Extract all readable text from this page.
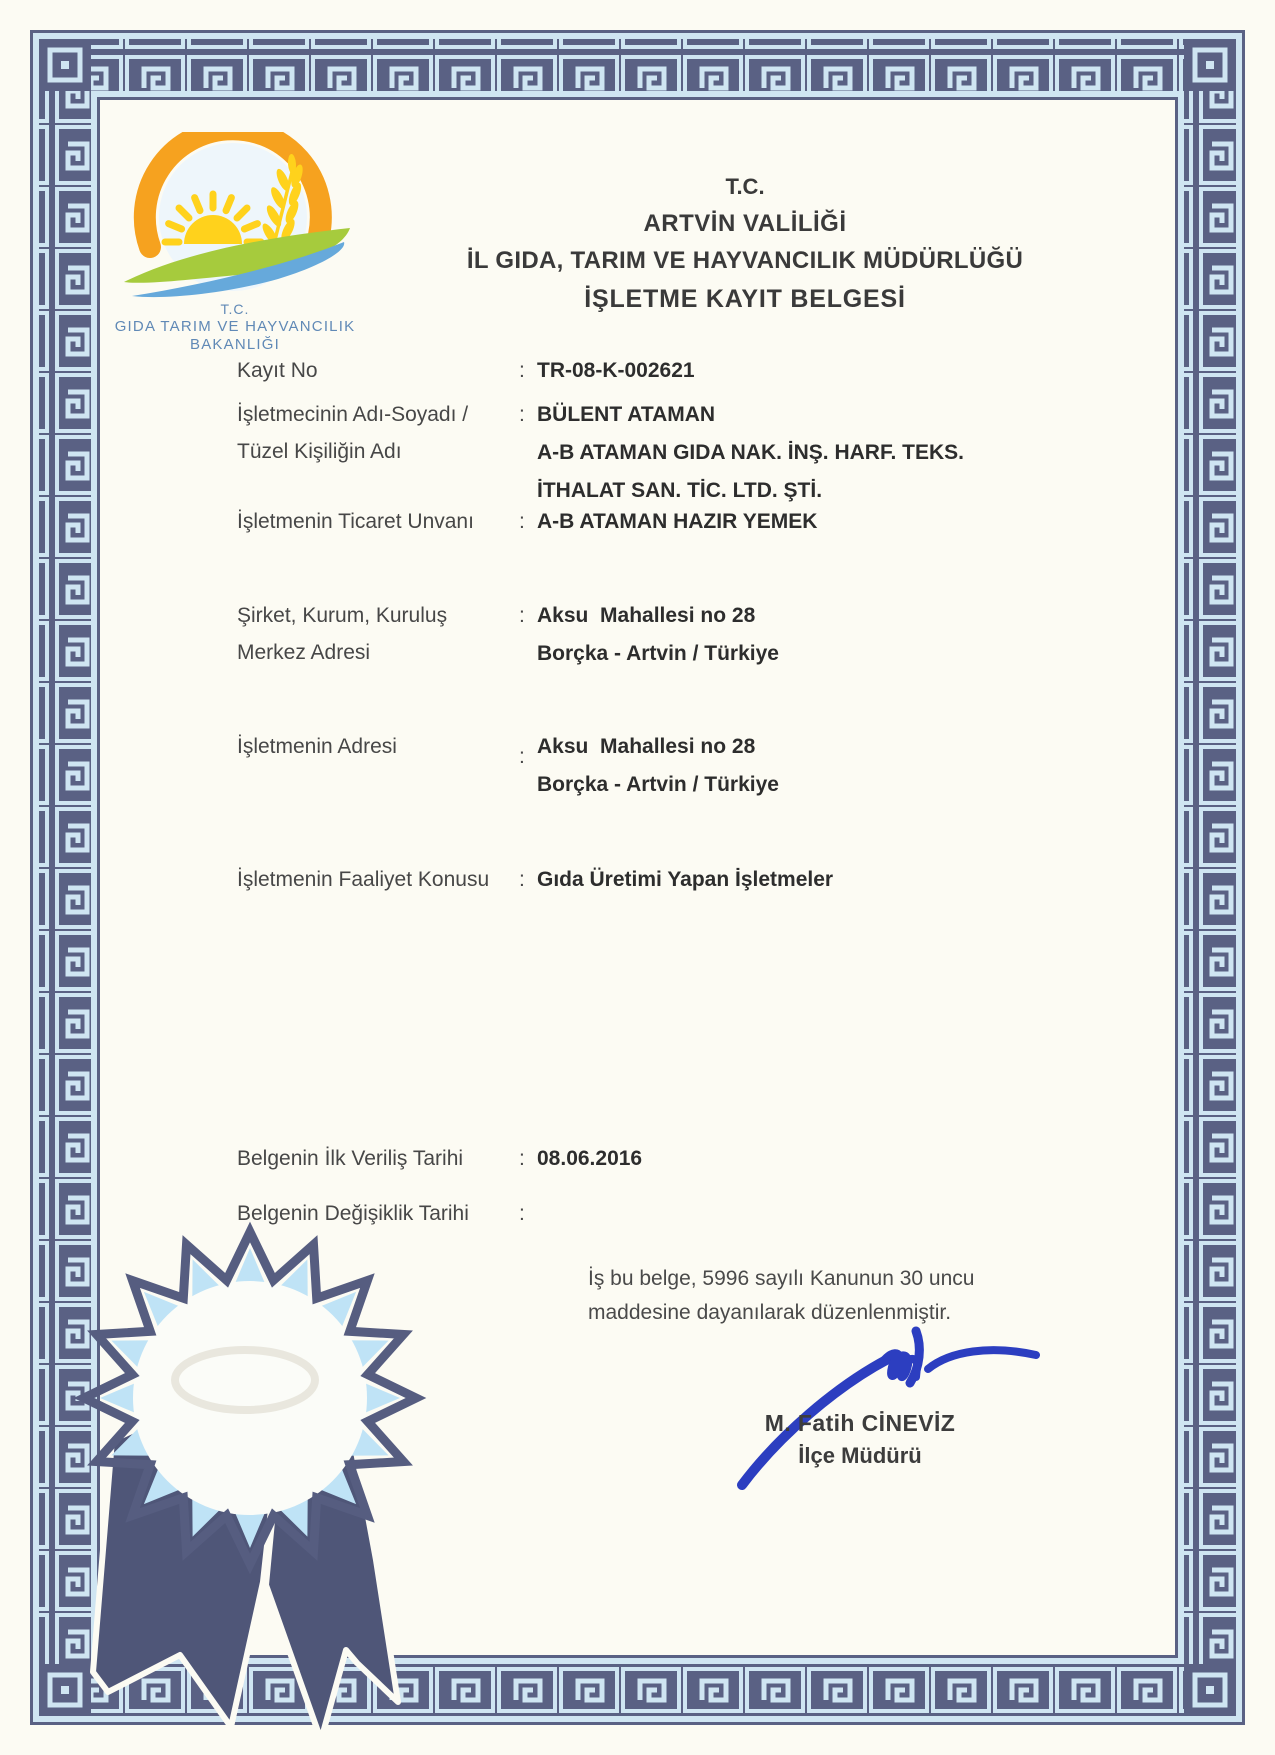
T.C.
GIDA TARIM VE HAYVANCILIK
BAKANLIĞI
T.C.
ARTVİN VALİLİĞİ
İL GIDA, TARIM VE HAYVANCILIK MÜDÜRLÜĞÜ
İŞLETME KAYIT BELGESİ
Kayıt No	: TR-08-K-002621
İşletmecinin Adı-Soyadı /
Tüzel Kişiliğin Adı
: BÜLENT ATAMAN
A-B ATAMAN GIDA NAK. İNŞ. HARF. TEKS.
İTHALAT SAN. TİC. LTD. ŞTİ.
İşletmenin Ticaret Unvanı	: A-B ATAMAN HAZIR YEMEK
Şirket, Kurum, Kuruluş
Merkez Adresi
: Aksu  Mahallesi no 28
Borçka - Artvin / Türkiye
İşletmenin Adresi	: Aksu  Mahallesi no 28
Borçka - Artvin / Türkiye
İşletmenin Faaliyet Konusu	: Gıda Üretimi Yapan İşletmeler
Belgenin İlk Veriliş Tarihi	: 08.06.2016
Belgenin Değişiklik Tarihi	:
İş bu belge, 5996 sayılı Kanunun 30 uncu
maddesine dayanılarak düzenlenmiştir.
M. Fatih CİNEVİZ
İlçe Müdürü
